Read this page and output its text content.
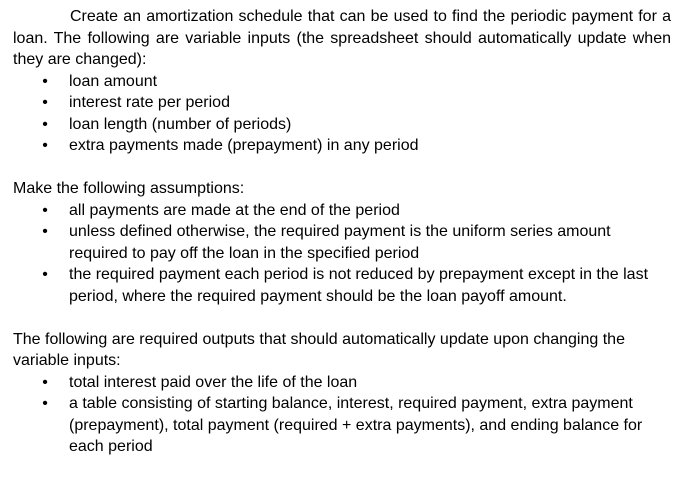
Create an amortization schedule that can be used to find the periodic payment for a loan. The following are variable inputs (the spreadsheet should automatically update when they are changed):

• loan amount
• interest rate per period
• loan length (number of periods)
• extra payments made (prepayment) in any period

Make the following assumptions:

• all payments are made at the end of the period
• unless defined otherwise, the required payment is the uniform series amount required to pay off the loan in the specified period
• the required payment each period is not reduced by prepayment except in the last period, where the required payment should be the loan payoff amount.

The following are required outputs that should automatically update upon changing the variable inputs:

• total interest paid over the life of the loan
• a table consisting of starting balance, interest, required payment, extra payment (prepayment), total payment (required + extra payments), and ending balance for each period
